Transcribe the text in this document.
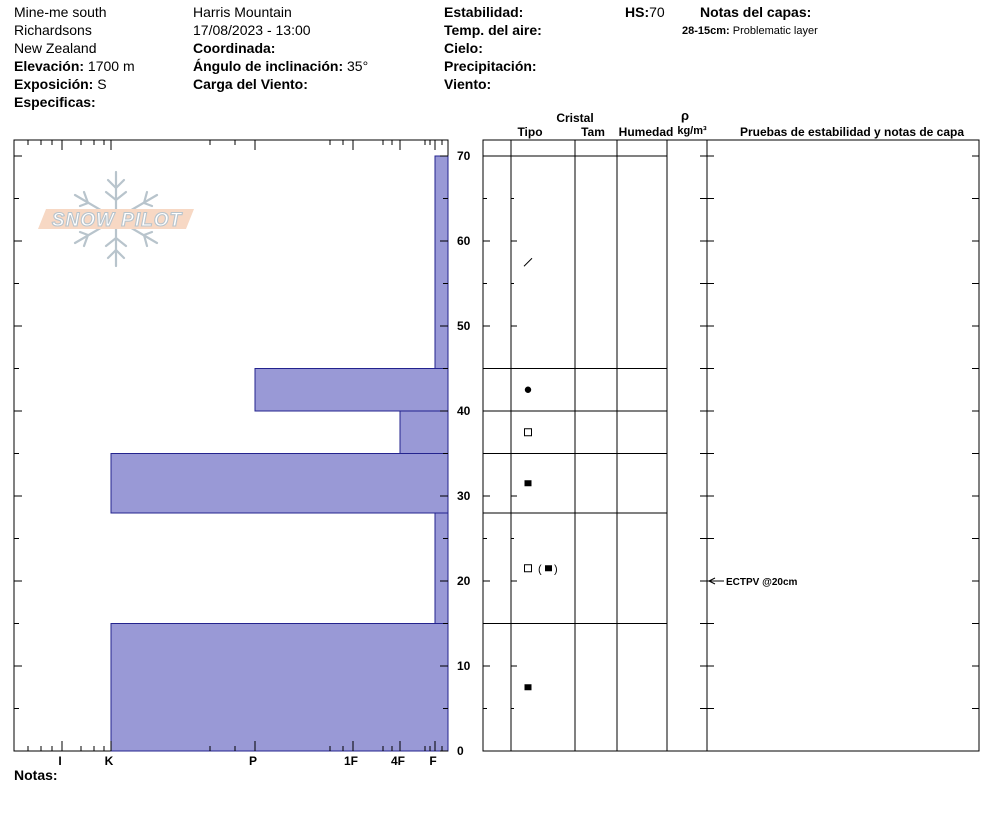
Mine-me south
Richardsons
New Zealand
Elevación: 1700 m
Exposición: S
Especificas:
Harris Mountain
17/08/2023 - 13:00
Coordinada:
Ángulo de inclinación: 35°
Carga del Viento:
Estabilidad:
Temp. del aire:
Cielo:
Precipitación:
Viento:
HS:70	Notas del capas:
28-15cm: Problematic layer
Notas:
SNOW PILOT
I	K	P	1F	4F F
0
10
20
30
40
50
60
70
( )
Cristal
Tipo	Tam Humedad
ρ
kg/m³	Pruebas de estabilidad y notas de capa
ECTPV @20cm
